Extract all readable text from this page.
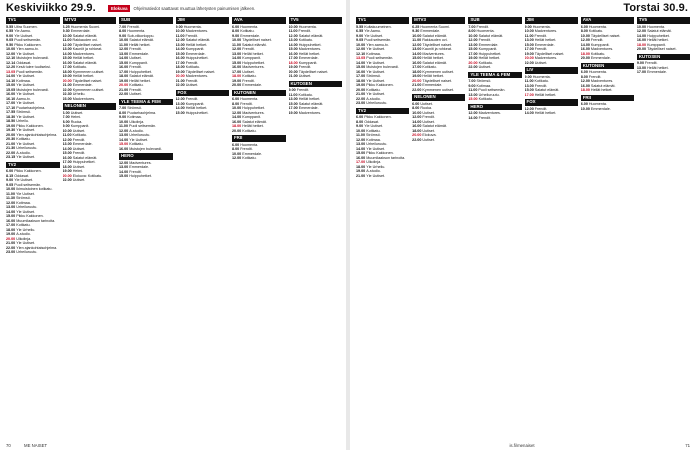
Keskiviikko 29.9.	Elokuva	Ohjelmatiedot saattavat muuttua lähetysten painumisen jälkeen.
TV1
5.55Ultra Suomen.
6.55Yle Aamu.
9.00Yle Uutiset.
9.05Puoli seitsemän.
9.50Pikku Kakkonen.
10.00Ylen aamu-tv.
12.00Yle Uutiset.
12.10Muistojen bulevardi.
12.14Oddasat.
12.20Kesä tulee tuuliseksi.
13.05Puoli seitsemän.
14.00Yle Uutiset.
14.10Kotimaa.
15.00Yle Uutiset.
15.05Muistojen bulevardi.
16.00Yle Uutiset.
16.10Aamu-tv.
17.00Yle Uutiset.
17.10Puutarhaohjelma.
17.55Strömsö.
18.30Yle Uutiset.
18.50Urheilu.
19.00Pikku Kakkonen.
19.30Yle Uutiset.
20.00Ylen ajankohtaisohjelma.
20.30Kotikatu.
21.00Yle Uutiset.
21.30Urheiluruutu.
22.00A-studio.
23.15Yle Uutiset.
TV2
6.00Pikku Kakkonen.
8.15Oddasat.
9.00Yle Uutiset.
9.05Puoli seitsemän.
10.00Ikimuistoinen kotikatu.
11.00Yle Uutiset.
11.30Strömsö.
12.00Kotimaa.
13.00Urheiluruutu.
14.00Yle Uutiset.
15.00Pikku Kakkonen.
16.00Muumilaakson tarinoita.
17.00Kotikatu.
18.00Yle Urheilu.
19.00A-studio.
20.00Ulkolinja.
21.00Yle Uutiset.
22.00Ylen ajankohtaisohjelma.
23.00Urheiluruutu.
MTV3
6.25Huomenta Suomi.
9.30Emmerdale.
10.00Salatut elämät.
11.00Rakkauden ovi.
12.00Täydelliset naiset.
13.00Kauniit ja rohkeat.
14.00Madventures.
15.00Hellät hetket.
16.00Salatut elämät.
17.00Kotikatu.
18.00Kymmenen uutiset.
19.00Hellät hetket.
20.00Täydelliset naiset.
21.00Emmerdale.
22.00Kymmenen uutiset.
22.30Urheilu.
23.00Madventures.
NELONEN
6.00Uutiset.
7.00Helmi.
8.00Ruoka.
9.00Kumppanit.
10.00Uutiset.
11.00Kotikatu.
12.00Frendit.
13.00Emmerdale.
14.00Uutiset.
15.00Frendit.
16.00Salatut elämät.
17.00Huippuhetket.
18.00Uutiset.
19.00Helmi.
20.00Elokuva: Kotikatu.
22.00Uutiset.
SUB
7.00Frendit.
8.00Huomenta.
9.00Sub-viikonloppu.
10.00Salatut elämät.
11.00Hellät hetket.
12.00Frendit.
13.00Emmerdale.
14.00Uutiset.
15.00Kumppanit.
16.00Frendit.
17.00Huippuhetket.
18.00Salatut elämät.
19.00Hellät hetket.
20.00Kotikatu.
21.00Frendit.
22.00Uutiset.
YLE TEEMA & FEM
7.00Strömsö.
8.00Puutarhaohjelma.
9.00Kotimaa.
10.00Ulkolinja.
11.00Puoli seitsemän.
12.00A-studio.
13.00Urheiluruutu.
14.00Yle Uutiset.
15.00Kotikatu.
16.00Muistojen bulevardi.
HERO
12.00Madventures.
13.00Emmerdale.
14.00Frendit.
15.00Huippuhetket.
JIM
9.00Huomenta.
10.00Madventures.
11.00Frendit.
12.00Salatut elämät.
13.00Hellät hetket.
14.00Kumppanit.
15.00Emmerdale.
16.00Huippuhetket.
17.00Frendit.
18.00Kotikatu.
19.00Täydelliset naiset.
20.00Madventures.
21.00Frendit.
22.00Uutiset.
FOX
12.00Frendit.
13.00Kumppanit.
14.00Hellät hetket.
15.00Huippuhetket.
AVA
6.00Huomenta.
8.00Kotikatu.
9.00Emmerdale.
10.00Täydelliset naiset.
11.00Salatut elämät.
12.00Frendit.
13.00Hellät hetket.
14.00Kumppanit.
15.00Huippuhetket.
16.00Madventures.
17.00Uutiset.
18.00Kotikatu.
19.00Frendit.
20.00Emmerdale.
KUTONEN
6.00Huomenta.
8.00Frendit.
10.00Huippuhetket.
12.00Madventures.
14.00Kumppanit.
16.00Salatut elämät.
18.00Hellät hetket.
20.00Kotikatu.
FRII
6.00Huomenta.
8.00Frendit.
10.00Emmerdale.
12.00Kotikatu.
TV5
10.00Huomenta.
11.00Frendit.
12.00Salatut elämät.
13.00Kotikatu.
14.00Huippuhetket.
15.00Madventures.
16.00Hellät hetket.
17.00Emmerdale.
18.00Kumppanit.
19.00Frendit.
20.00Täydelliset naiset.
21.00Uutiset.
KUTOSEN
9.00Frendit.
11.00Kotikatu.
13.00Hellät hetket.
15.00Salatut elämät.
17.00Emmerdale.
19.00Madventures.
70	ME NAISET
Torstai 30.9.
TV1
5.55Kultakuumeinen.
6.55Yle Aamu.
9.00Yle Uutiset.
9.05Puoli seitsemän.
10.00Ylen aamu-tv.
12.00Yle Uutiset.
12.10Kotimaa.
13.05Puoli seitsemän.
14.00Yle Uutiset.
15.00Muistojen bulevardi.
16.00Yle Uutiset.
17.00Strömsö.
18.00Yle Uutiset.
19.00Pikku Kakkonen.
20.00Kotikatu.
21.00Yle Uutiset.
22.00A-studio.
23.00Urheiluruutu.
TV2
6.00Pikku Kakkonen.
8.00Oddasat.
9.00Yle Uutiset.
10.00Kotikatu.
11.00Strömsö.
12.00Kotimaa.
13.00Urheiluruutu.
14.00Yle Uutiset.
15.00Pikku Kakkonen.
16.00Muumilaakson tarinoita.
17.00Ulkolinja.
18.00Yle Urheilu.
19.00A-studio.
21.00Yle Uutiset.
MTV3
6.25Huomenta Suomi.
9.30Emmerdale.
10.00Salatut elämät.
11.00Rakkauden ovi.
12.00Täydelliset naiset.
13.00Kauniit ja rohkeat.
14.00Madventures.
15.00Hellät hetket.
16.00Salatut elämät.
17.00Kotikatu.
18.00Kymmenen uutiset.
19.00Hellät hetket.
20.00Täydelliset naiset.
21.00Emmerdale.
22.00Kymmenen uutiset.
NELONEN
6.00Uutiset.
8.00Ruoka.
10.00Uutiset.
12.00Frendit.
14.00Uutiset.
16.00Salatut elämät.
18.00Uutiset.
20.00Elokuva.
22.00Uutiset.
SUB
7.00Frendit.
8.00Huomenta.
10.00Salatut elämät.
12.00Frendit.
13.00Emmerdale.
15.00Kumppanit.
17.00Huippuhetket.
19.00Hellät hetket.
20.00Kotikatu.
22.00Uutiset.
YLE TEEMA & FEM
7.00Strömsö.
9.00Kotimaa.
11.00Puoli seitsemän.
13.00Urheiluruutu.
15.00Kotikatu.
HERO
12.00Madventures.
14.00Frendit.
JIM
9.00Huomenta.
10.00Madventures.
11.00Frendit.
13.00Hellät hetket.
15.00Emmerdale.
17.00Frendit.
19.00Täydelliset naiset.
20.00Madventures.
22.00Uutiset.
LIV
9.00Huomenta.
11.00Kotikatu.
13.00Frendit.
15.00Salatut elämät.
17.00Hellät hetket.
FOX
12.00Frendit.
14.00Hellät hetket.
AVA
6.00Huomenta.
8.00Kotikatu.
10.00Täydelliset naiset.
12.00Frendit.
14.00Kumppanit.
16.00Madventures.
18.00Kotikatu.
20.00Emmerdale.
KUTONEN
6.00Huomenta.
8.00Frendit.
12.00Madventures.
16.00Salatut elämät.
18.00Hellät hetket.
FRII
6.00Huomenta.
10.00Emmerdale.
TV5
10.00Huomenta.
12.00Salatut elämät.
14.00Huippuhetket.
16.00Hellät hetket.
18.00Kumppanit.
20.00Täydelliset naiset.
KUTOSEN
9.00Frendit.
13.00Hellät hetket.
17.00Emmerdale.
is.fi/menaiset	71
